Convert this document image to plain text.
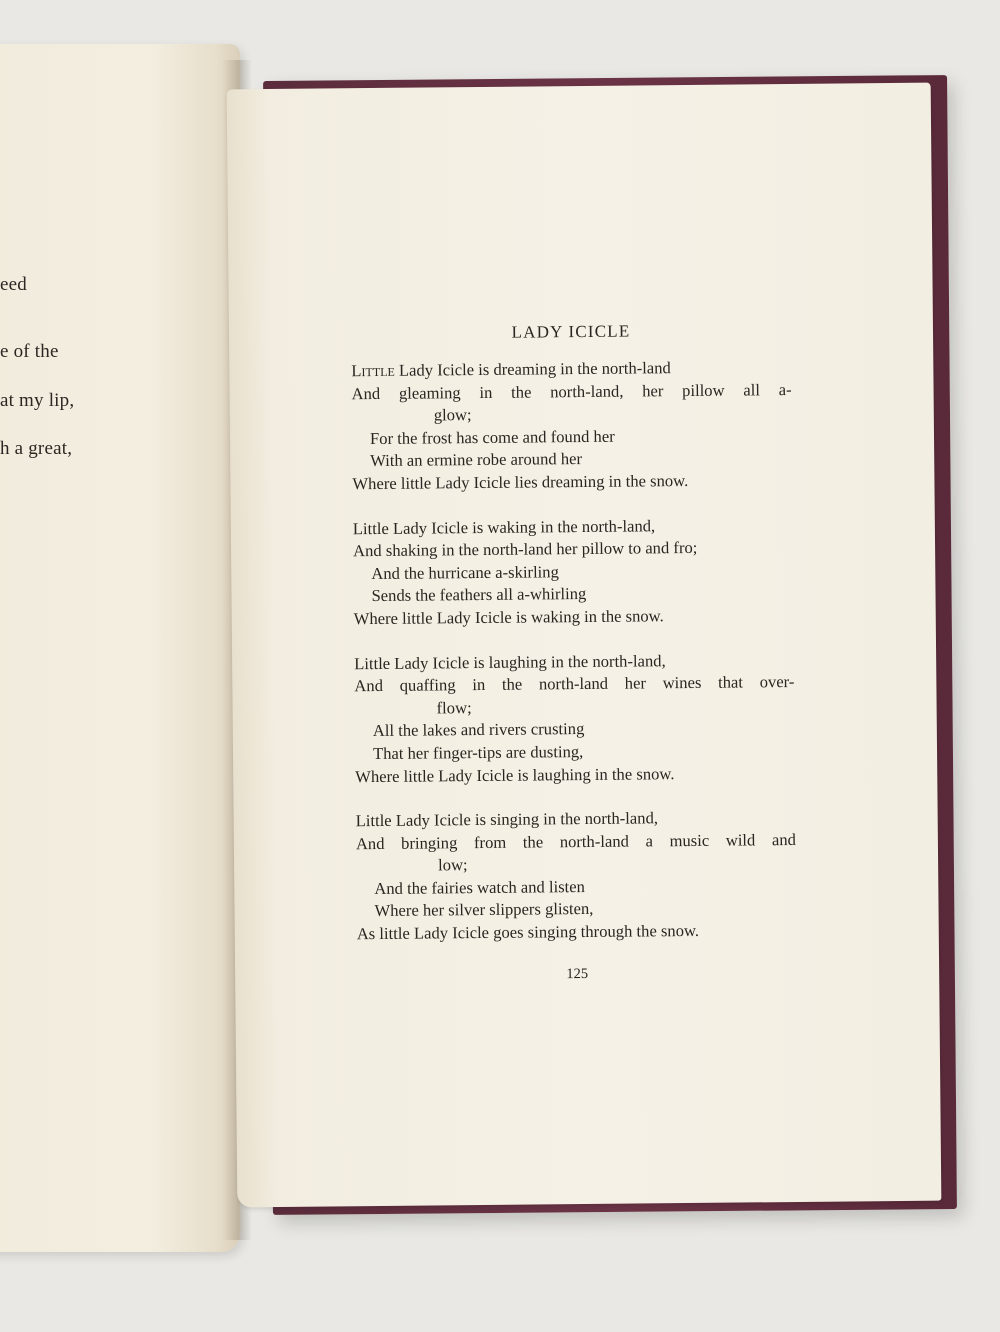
eed
e of the
at my lip,
h a great,
LADY ICICLE
Little Lady Icicle is dreaming in the north-land
And gleaming in the north-land, her pillow all a-
glow;
For the frost has come and found her
With an ermine robe around her
Where little Lady Icicle lies dreaming in the snow.
Little Lady Icicle is waking in the north-land,
And shaking in the north-land her pillow to and fro;
And the hurricane a-skirling
Sends the feathers all a-whirling
Where little Lady Icicle is waking in the snow.
Little Lady Icicle is laughing in the north-land,
And quaffing in the north-land her wines that over-
flow;
All the lakes and rivers crusting
That her finger-tips are dusting,
Where little Lady Icicle is laughing in the snow.
Little Lady Icicle is singing in the north-land,
And bringing from the north-land a music wild and
low;
And the fairies watch and listen
Where her silver slippers glisten,
As little Lady Icicle goes singing through the snow.
125
